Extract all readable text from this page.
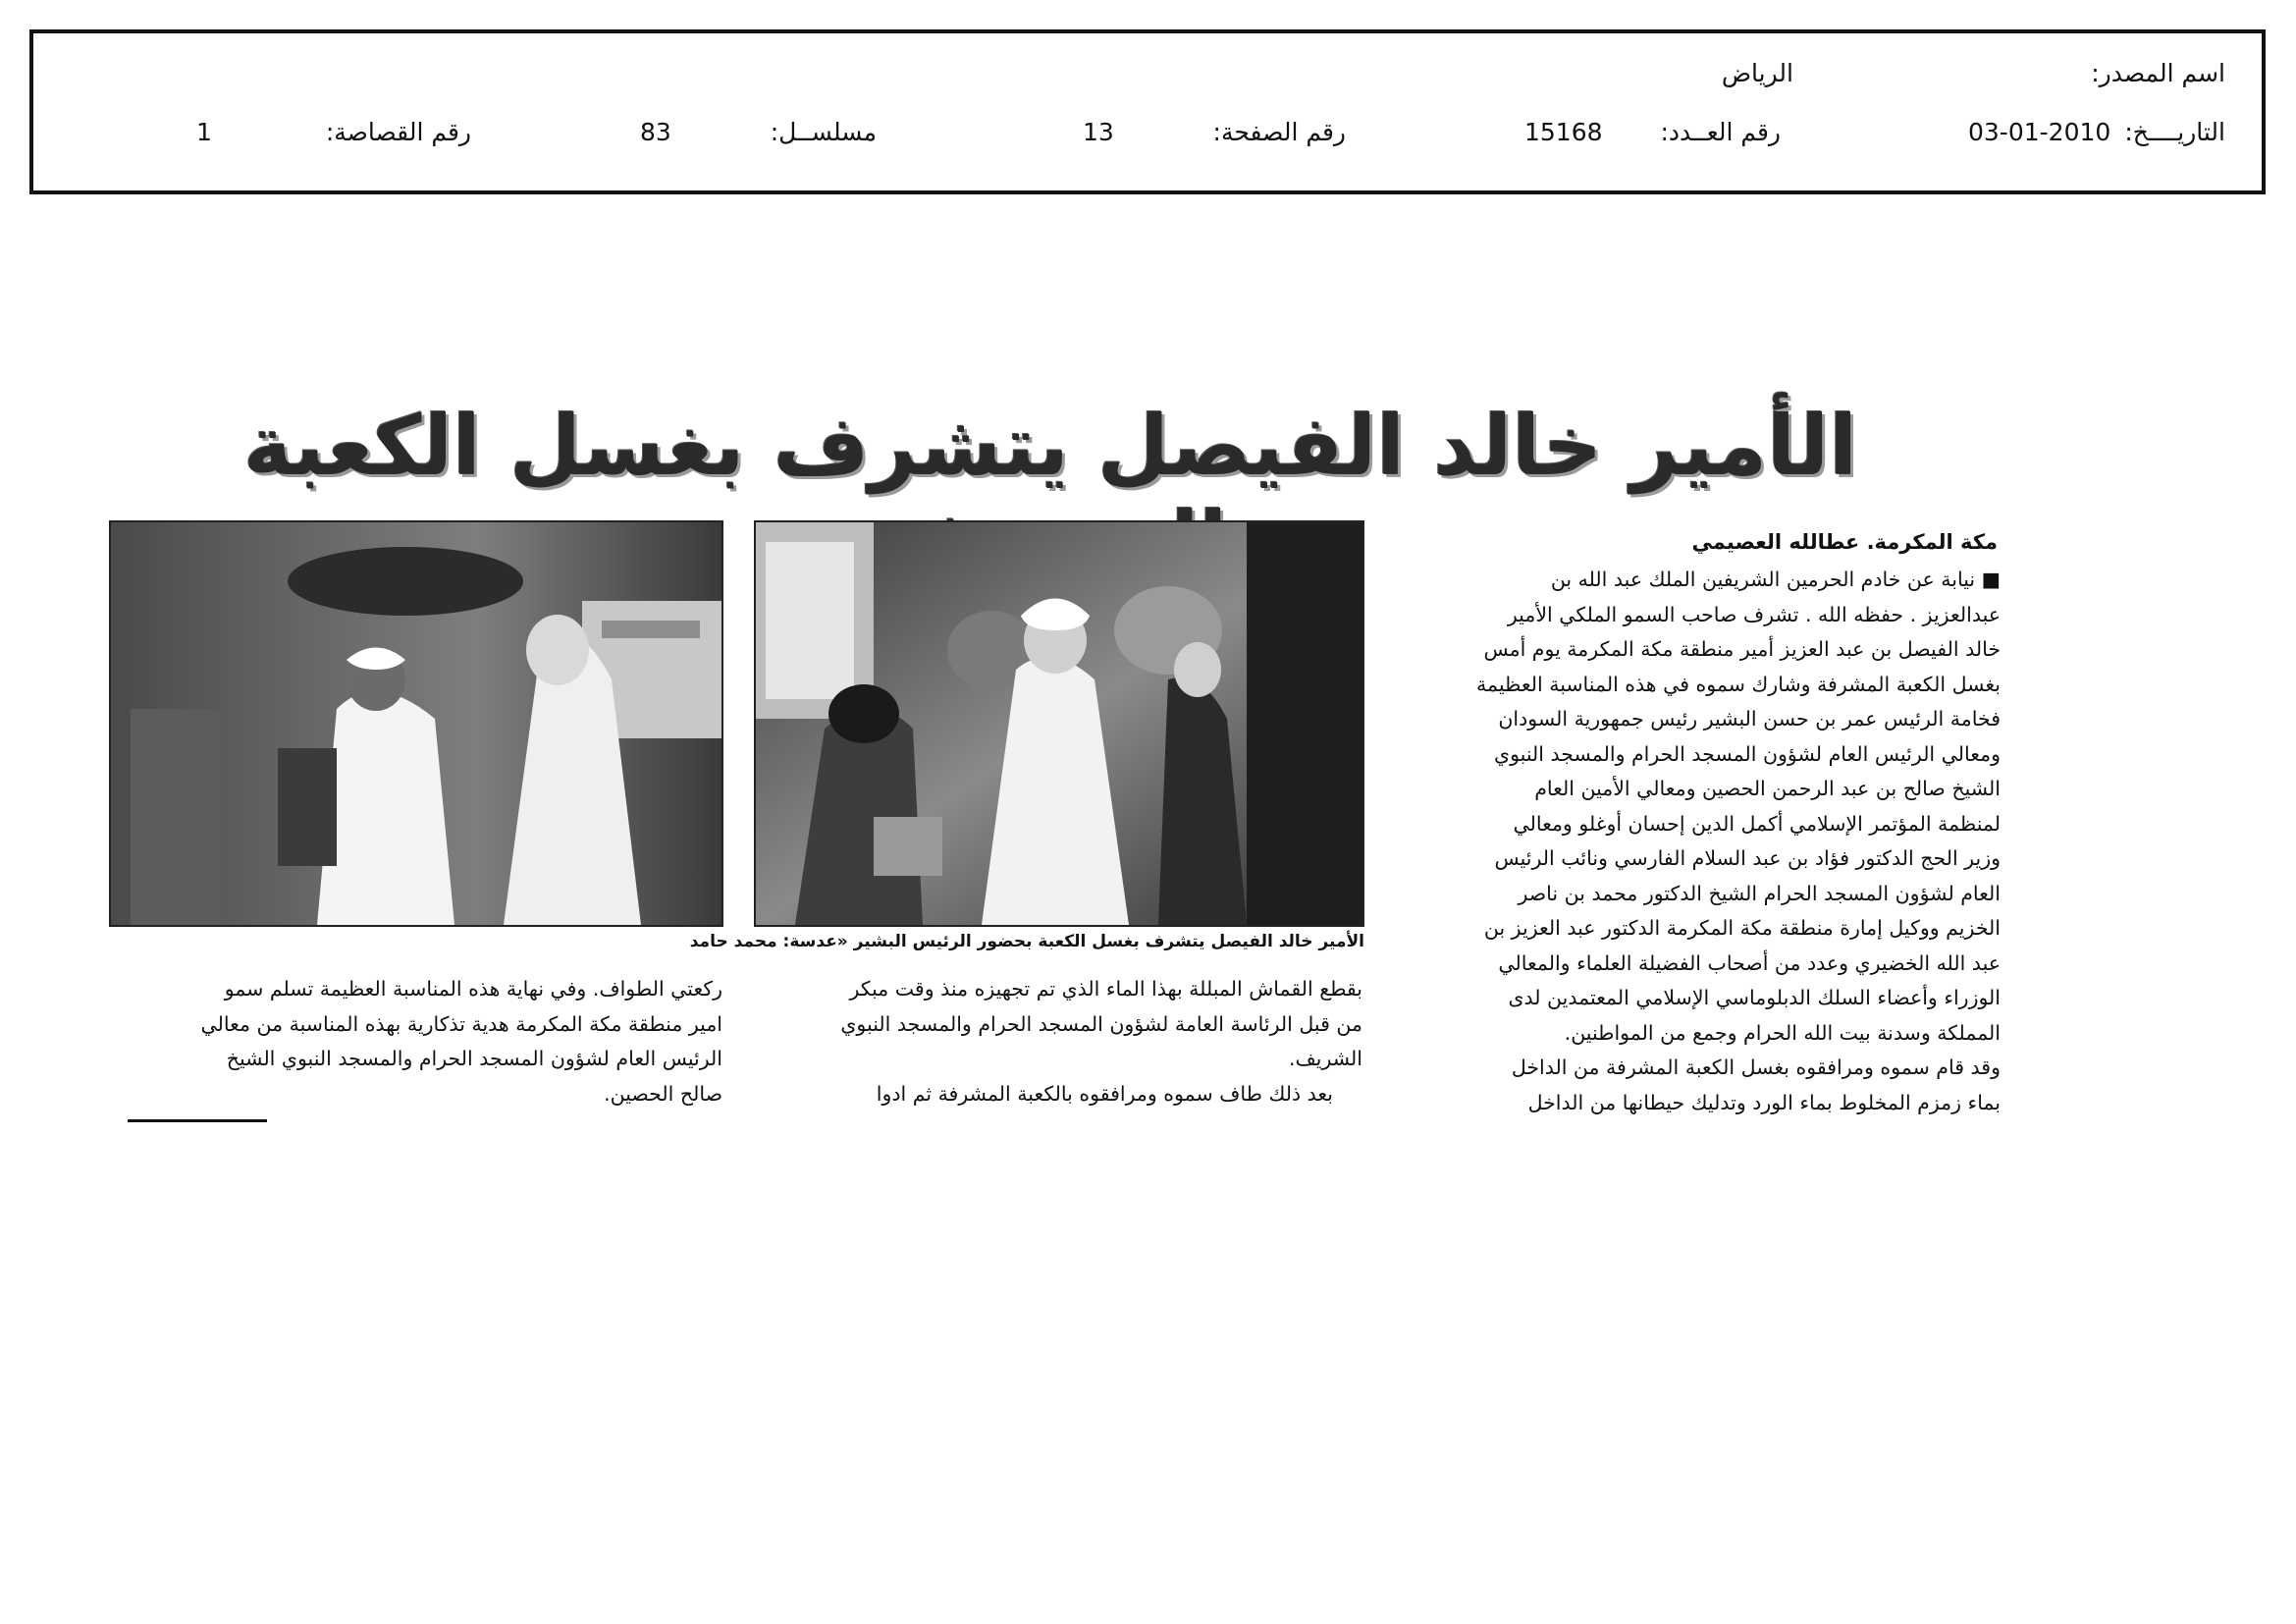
اسم المصدر:
الرياض
التاريــــخ:
03-01-2010
رقم العــدد:
15168
رقم الصفحة:
13
مسلســل:
83
رقم القصاصة:
1
الأمير خالد الفيصل يتشرف بغسل الكعبة
مكة المكرمة. عطالله العصيمي
الأمير خالد الفيصل يتشرف بغسل الكعبة بحضور الرئيس البشير «عدسة: محمد حامد

■ نيابة عن خادم الحرمين الشريفين الملك عبد الله بن

عبدالعزيز . حفظه الله . تشرف صاحب السمو الملكي الأمير

خالد الفيصل بن عبد العزيز أمير منطقة مكة المكرمة يوم أمس

بغسل الكعبة المشرفة وشارك سموه في هذه المناسبة العظيمة

فخامة الرئيس عمر بن حسن البشير رئيس جمهورية السودان

ومعالي الرئيس العام لشؤون المسجد الحرام والمسجد النبوي

الشيخ صالح بن عبد الرحمن الحصين ومعالي الأمين العام

لمنظمة المؤتمر الإسلامي أكمل الدين إحسان أوغلو ومعالي

وزير الحج الدكتور فؤاد بن عبد السلام الفارسي ونائب الرئيس

العام لشؤون المسجد الحرام الشيخ الدكتور محمد بن ناصر

الخزيم ووكيل إمارة منطقة مكة المكرمة الدكتور عبد العزيز بن

عبد الله الخضيري وعدد من أصحاب الفضيلة العلماء والمعالي

الوزراء وأعضاء السلك الدبلوماسي الإسلامي المعتمدين لدى

المملكة وسدنة بيت الله الحرام وجمع من المواطنين.

وقد قام سموه ومرافقوه بغسل الكعبة المشرفة من الداخل

بماء زمزم المخلوط بماء الورد وتدليك حيطانها من الداخل

بقطع القماش المبللة بهذا الماء الذي تم تجهيزه منذ وقت مبكر

من قبل الرئاسة العامة لشؤون المسجد الحرام والمسجد النبوي

الشريف.

بعد ذلك طاف سموه ومرافقوه بالكعبة المشرفة ثم ادوا

ركعتي الطواف. وفي نهاية هذه المناسبة العظيمة تسلم سمو

امير منطقة مكة المكرمة هدية تذكارية بهذه المناسبة من معالي

الرئيس العام لشؤون المسجد الحرام والمسجد النبوي الشيخ

صالح الحصين.
